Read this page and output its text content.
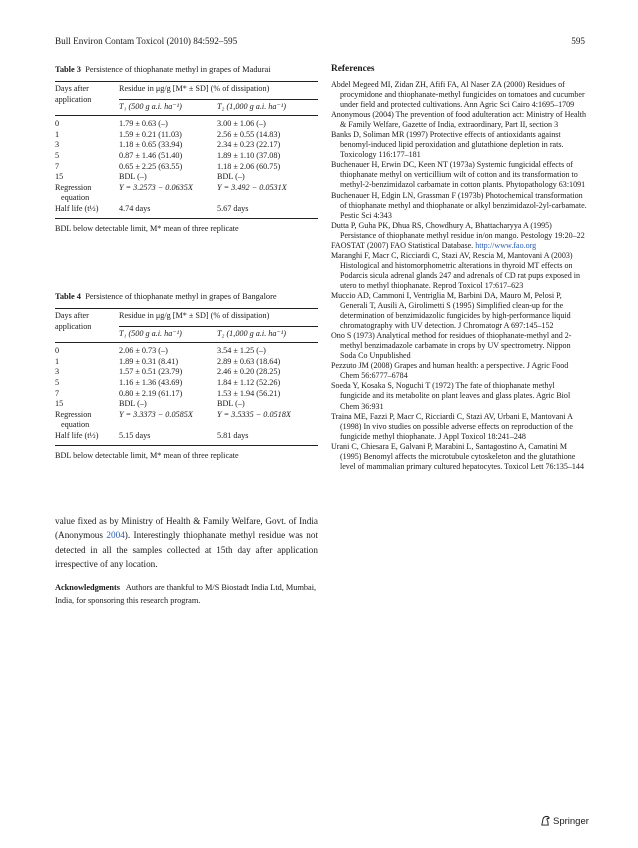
Bull Environ Contam Toxicol (2010) 84:592–595	595
Table 3 Persistence of thiophanate methyl in grapes of Madurai
Days after
application	Residue in μg/g [M* ± SD] (% of dissipation)	
	T₁ (500 g a.i. ha⁻¹)	T₂ (1,000 g a.i. ha⁻¹)
0	1.79 ± 0.63 (–)	3.00 ± 1.06 (–)
1	1.59 ± 0.21 (11.03)	2.56 ± 0.55 (14.83)
3	1.18 ± 0.65 (33.94)	2.34 ± 0.23 (22.17)
5	0.87 ± 1.46 (51.40)	1.89 ± 1.10 (37.08)
7	0.65 ± 2.25 (63.55)	1.18 ± 2.06 (60.75)
15	BDL (–)	BDL (–)

Regression
equation	Y = 3.2573 − 0.0635X	Y = 3.492 − 0.0531X
Half life (t½)	4.74 days	5.67 days
BDL below detectable limit, M* mean of three replicate
Table 4 Persistence of thiophanate methyl in grapes of Bangalore
Days after
application	Residue in μg/g [M* ± SD] (% of dissipation)	
	T₁ (500 g a.i. ha⁻¹)	T₂ (1,000 g a.i. ha⁻¹)
0	2.06 ± 0.73 (–)	3.54 ± 1.25 (–)
1	1.89 ± 0.31 (8.41)	2.89 ± 0.63 (18.64)
3	1.57 ± 0.51 (23.79)	2.46 ± 0.20 (28.25)
5	1.16 ± 1.36 (43.69)	1.84 ± 1.12 (52.26)
7	0.80 ± 2.19 (61.17)	1.53 ± 1.94 (56.21)
15	BDL (–)	BDL (–)

Regression
equation	Y = 3.3373 − 0.0585X	Y = 3.5335 − 0.0518X
Half life (t½)	5.15 days	5.81 days
BDL below detectable limit, M* mean of three replicate
value fixed as by Ministry of Health & Family Welfare, Govt. of India (Anonymous 2004). Interestingly thiophanate methyl residue was not detected in all the samples collected at 15th day after application irrespective of any location.
Acknowledgments Authors are thankful to M/S Biostadt India Ltd, Mumbai, India, for sponsoring this research program.
References

Abdel Megeed MI, Zidan ZH, Afifi FA, Al Naser ZA (2000) Residues of procymidone and thiophanate-methyl fungicides on tomatoes and cucumber under field and protected cultivations. Ann Agric Sci Cairo 4:1695–1709

Anonymous (2004) The prevention of food adulteration act: Ministry of Health & Family Welfare, Gazette of India, extraordinary, Part II, section 3

Banks D, Soliman MR (1997) Protective effects of antioxidants against benomyl-induced lipid peroxidation and glutathione depletion in rats. Toxicology 116:177–181

Buchenauer H, Erwin DC, Keen NT (1973a) Systemic fungicidal effects of thiophanate methyl on verticillium wilt of cotton and its transformation to methyl-2-benzimidazol carbamate in cotton plants. Phytopathology 63:1091

Buchenauer H, Edgin LN, Grassman F (1973b) Photochemical transformation of thiophanate methyl and thiophanate or alkyl benzimidazol-2yl-carbamate. Pestic Sci 4:343

Dutta P, Guha PK, Dhua RS, Chowdhury A, Bhattacharyya A (1995) Persistance of thiophanate methyl residue in/on mango. Pestology 19:20–22

FAOSTAT (2007) FAO Statistical Database. http://www.fao.org

Maranghi F, Macr C, Ricciardi C, Stazi AV, Rescia M, Mantovani A (2003) Histological and histomorphometric alterations in thyroid MT effects on Podarcis sicula adrenal glands 247 and adrenals of CD rat pups exposed in utero to methyl thiophanate. Reprod Toxicol 17:617–623

Muccio AD, Cammoni I, Ventriglia M, Barbini DA, Mauro M, Pelosi P, Generali T, Ausili A, Girolimetti S (1995) Simplified clean-up for the determination of benzimidazolic fungicides by high-performance liquid chromatography with UV detection. J Chromatogr A 697:145–152

Ono S (1973) Analytical method for residues of thiophanate-methyl and 2-methyl benzimadazole carbamate in crops by UV spectrometry. Nippon Soda Co Unpublished

Pezzuto JM (2008) Grapes and human health: a perspective. J Agric Food Chem 56:6777–6784

Soeda Y, Kosaka S, Noguchi T (1972) The fate of thiophanate methyl fungicide and its metabolite on plant leaves and glass plates. Agric Biol Chem 36:931

Traina ME, Fazzi P, Macr C, Ricciardi C, Stazi AV, Urbani E, Mantovani A (1998) In vivo studies on possible adverse effects on reproduction of the fungicide methyl thiophanate. J Appl Toxicol 18:241–248

Urani C, Chiesara E, Galvani P, Marabini L, Santagostino A, Camatini M (1995) Benomyl affects the microtubule cytoskeleton and the glutathione level of mammalian primary cultured hepatocytes. Toxicol Lett 76:135–144

Springer
